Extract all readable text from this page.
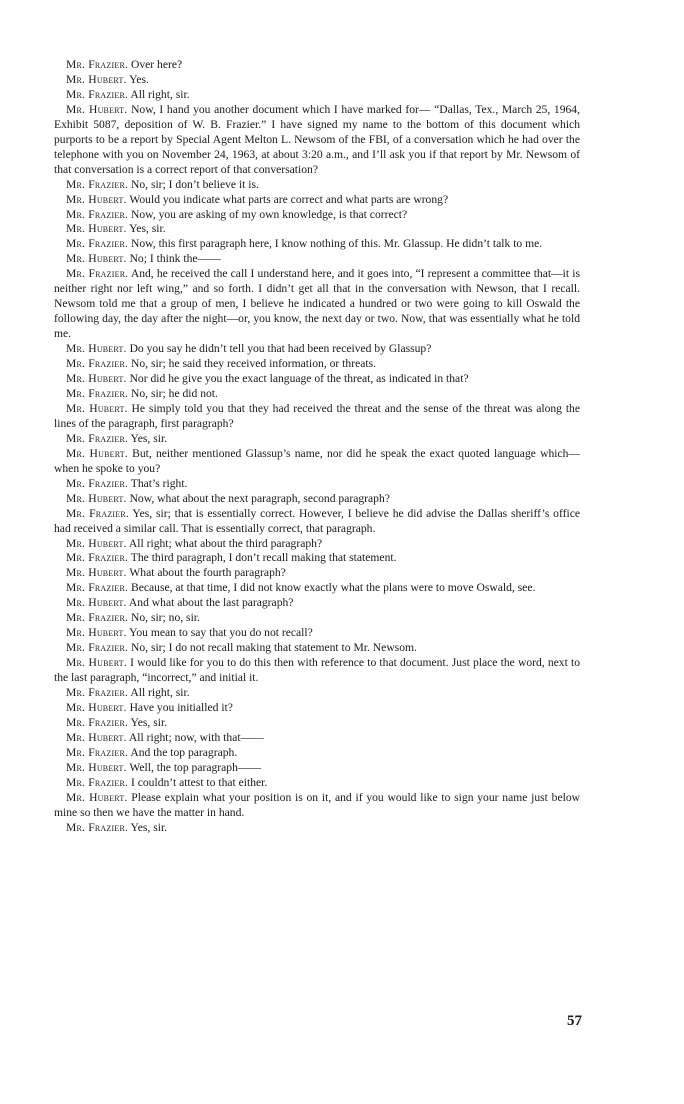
Mr. Frazier. Over here?

Mr. Hubert. Yes.

Mr. Frazier. All right, sir.

Mr. Hubert. Now, I hand you another document which I have marked for— “Dallas, Tex., March 25, 1964, Exhibit 5087, deposition of W. B. Frazier.” I have signed my name to the bottom of this document which purports to be a report by Special Agent Melton L. Newsom of the FBI, of a conversation which he had over the telephone with you on November 24, 1963, at about 3:20 a.m., and I’ll ask you if that report by Mr. Newsom of that conversation is a correct report of that conversation?

Mr. Frazier. No, sir; I don’t believe it is.

Mr. Hubert. Would you indicate what parts are correct and what parts are wrong?

Mr. Frazier. Now, you are asking of my own knowledge, is that correct?

Mr. Hubert. Yes, sir.

Mr. Frazier. Now, this first paragraph here, I know nothing of this. Mr. Glassup. He didn’t talk to me.

Mr. Hubert. No; I think the——

Mr. Frazier. And, he received the call I understand here, and it goes into, “I represent a committee that—it is neither right nor left wing,” and so forth. I didn’t get all that in the conversation with Newson, that I recall. Newsom told me that a group of men, I believe he indicated a hundred or two were going to kill Oswald the following day, the day after the night—or, you know, the next day or two. Now, that was essentially what he told me.

Mr. Hubert. Do you say he didn’t tell you that had been received by Glassup?

Mr. Frazier. No, sir; he said they received information, or threats.

Mr. Hubert. Nor did he give you the exact language of the threat, as indicated in that?

Mr. Frazier. No, sir; he did not.

Mr. Hubert. He simply told you that they had received the threat and the sense of the threat was along the lines of the paragraph, first paragraph?

Mr. Frazier. Yes, sir.

Mr. Hubert. But, neither mentioned Glassup’s name, nor did he speak the exact quoted language which—when he spoke to you?

Mr. Frazier. That’s right.

Mr. Hubert. Now, what about the next paragraph, second paragraph?

Mr. Frazier. Yes, sir; that is essentially correct. However, I believe he did advise the Dallas sheriff’s office had received a similar call. That is essentially correct, that paragraph.

Mr. Hubert. All right; what about the third paragraph?

Mr. Frazier. The third paragraph, I don’t recall making that statement.

Mr. Hubert. What about the fourth paragraph?

Mr. Frazier. Because, at that time, I did not know exactly what the plans were to move Oswald, see.

Mr. Hubert. And what about the last paragraph?

Mr. Frazier. No, sir; no, sir.

Mr. Hubert. You mean to say that you do not recall?

Mr. Frazier. No, sir; I do not recall making that statement to Mr. Newsom.

Mr. Hubert. I would like for you to do this then with reference to that document. Just place the word, next to the last paragraph, “incorrect,” and initial it.

Mr. Frazier. All right, sir.

Mr. Hubert. Have you initialled it?

Mr. Frazier. Yes, sir.

Mr. Hubert. All right; now, with that——

Mr. Frazier. And the top paragraph.

Mr. Hubert. Well, the top paragraph——

Mr. Frazier. I couldn’t attest to that either.

Mr. Hubert. Please explain what your position is on it, and if you would like to sign your name just below mine so then we have the matter in hand.

Mr. Frazier. Yes, sir.

57
